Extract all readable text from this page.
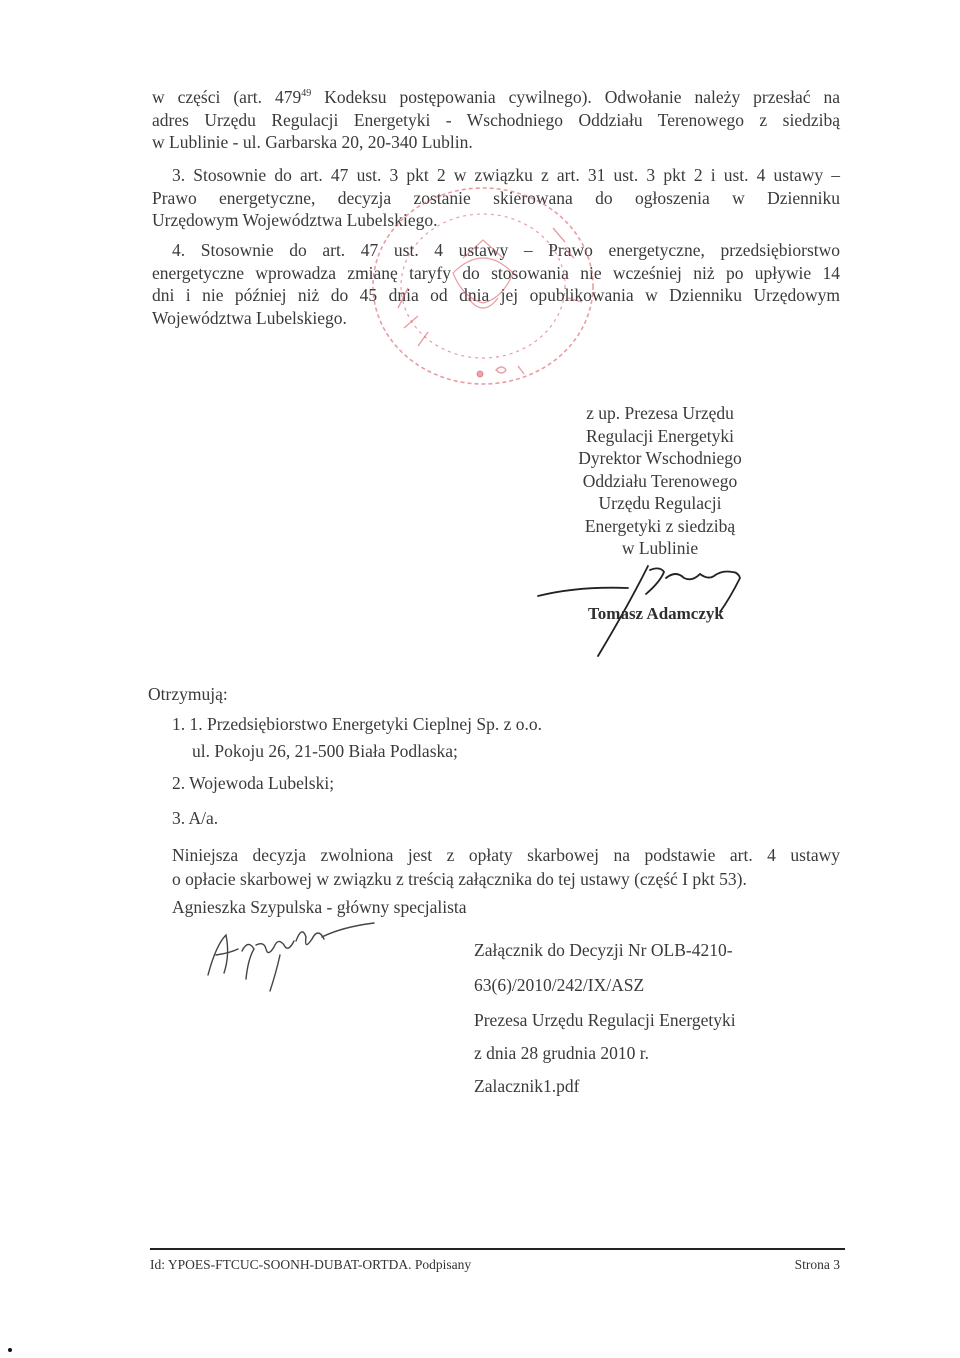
w części (art. $479^{49}$ Kodeksu postępowania cywilnego). Odwołanie należy przesłać na
adres Urzędu Regulacji Energetyki - Wschodniego Oddziału Terenowego z siedzibą
w Lublinie - ul. Garbarska 20, 20-340 Lublin.
3. Stosownie do art. 47 ust. 3 pkt 2 w związku z art. 31 ust. 3 pkt 2 i ust. 4 ustawy –
Prawo energetyczne, decyzja zostanie skierowana do ogłoszenia w Dzienniku
Urzędowym Województwa Lubelskiego.
4. Stosownie do art. 47 ust. 4 ustawy – Prawo energetyczne, przedsiębiorstwo
energetyczne wprowadza zmianę taryfy do stosowania nie wcześniej niż po upływie 14
dni i nie później niż do 45 dnia od dnia jej opublikowania w Dzienniku Urzędowym
Województwa Lubelskiego.
z up. Prezesa Urzędu
Regulacji Energetyki
Dyrektor Wschodniego
Oddziału Terenowego
Urzędu Regulacji
Energetyki z siedzibą
w Lublinie
Tomasz Adamczyk
Otrzymują:
1. 1. Przedsiębiorstwo Energetyki Cieplnej Sp. z o.o.
ul. Pokoju 26, 21-500 Biała Podlaska;
2. Wojewoda Lubelski;
3. A/a.
Niniejsza decyzja zwolniona jest z opłaty skarbowej na podstawie art. 4 ustawy
o opłacie skarbowej w związku z treścią załącznika do tej ustawy (część I pkt 53).
Agnieszka Szypulska - główny specjalista
Załącznik do Decyzji Nr OLB-4210-
63(6)/2010/242/IX/ASZ
Prezesa Urzędu Regulacji Energetyki
z dnia 28 grudnia 2010 r.
Zalacznik1.pdf
Id: YPOES-FTCUC-SOONH-DUBAT-ORTDA. Podpisany	Strona 3
